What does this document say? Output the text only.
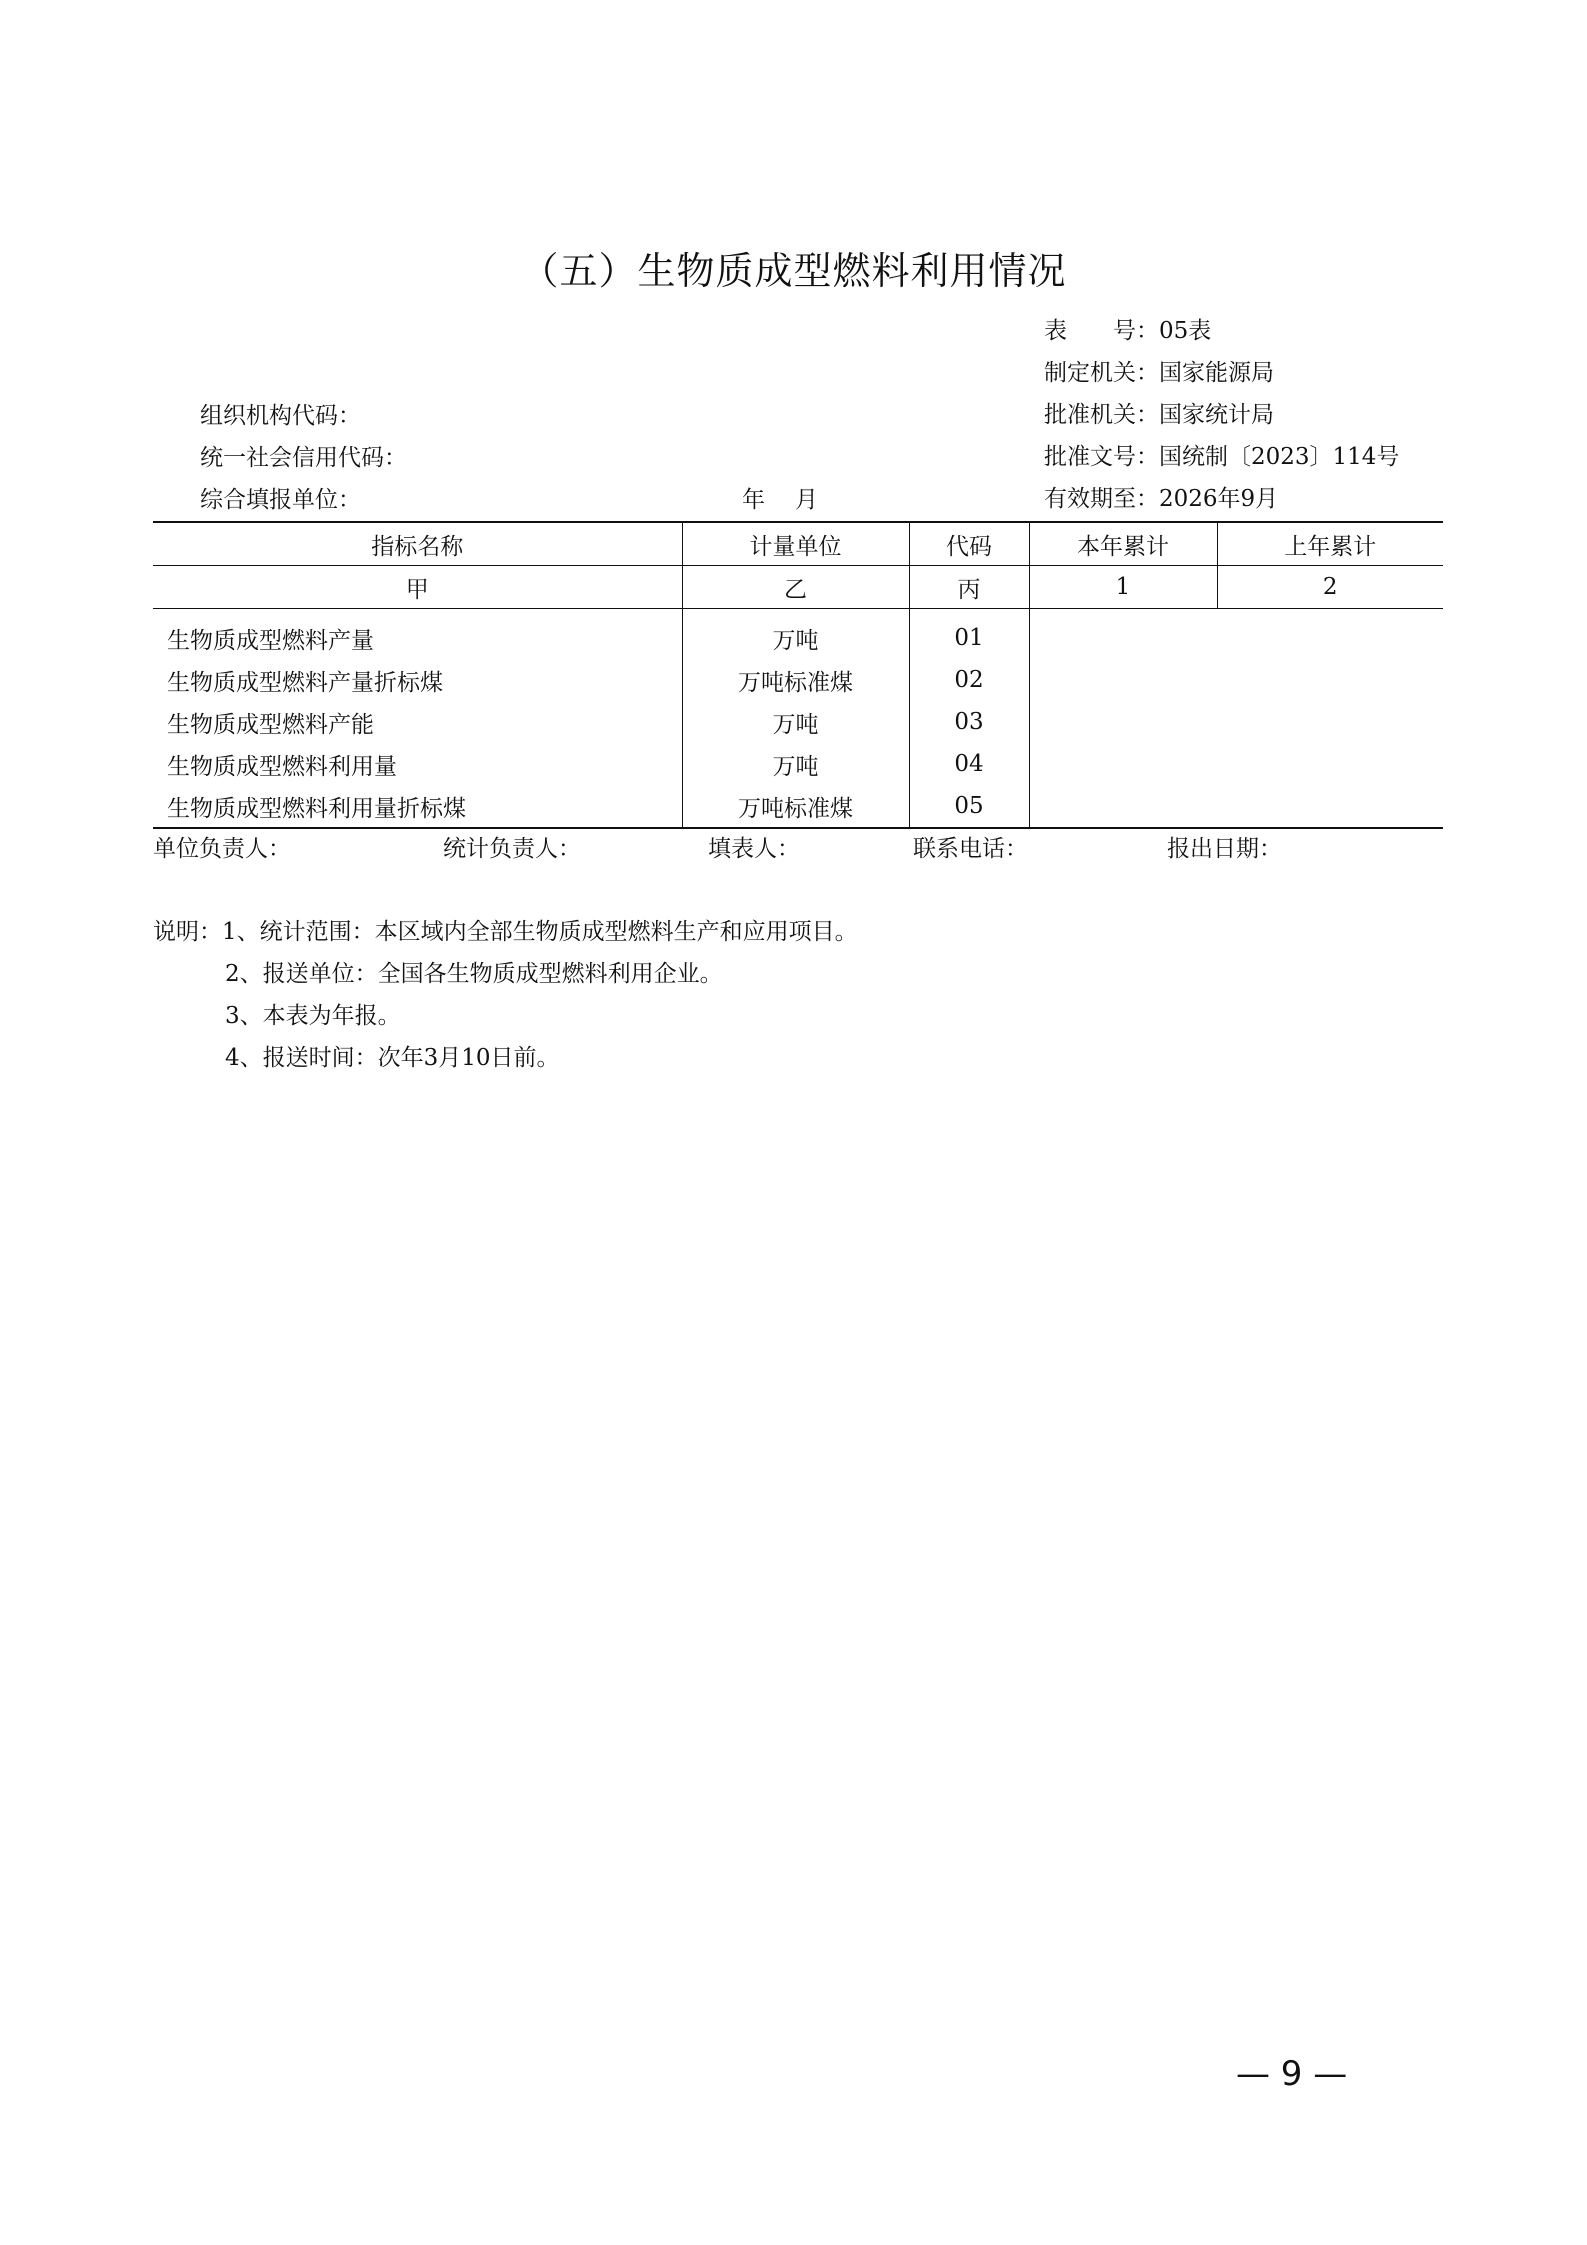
（五）生物质成型燃料利用情况
表　　号：05表
制定机关：国家能源局
批准机关：国家统计局
批准文号：国统制〔2023〕114号
有效期至：2026年9月
组织机构代码：
统一社会信用代码：
综合填报单位：	年 月
指标名称	计量单位	代码	本年累计	上年累计
甲	乙	丙	1	2
生物质成型燃料产量	万吨	01		
生物质成型燃料产量折标煤	万吨标准煤	02		
生物质成型燃料产能	万吨	03		
生物质成型燃料利用量	万吨	04		
生物质成型燃料利用量折标煤	万吨标准煤	05		
单位负责人：	统计负责人：	填表人：	联系电话：	报出日期：
说明：1、统计范围：本区域内全部生物质成型燃料生产和应用项目。
2、报送单位：全国各生物质成型燃料利用企业。
3、本表为年报。
4、报送时间：次年3月10日前。
— 9 —
